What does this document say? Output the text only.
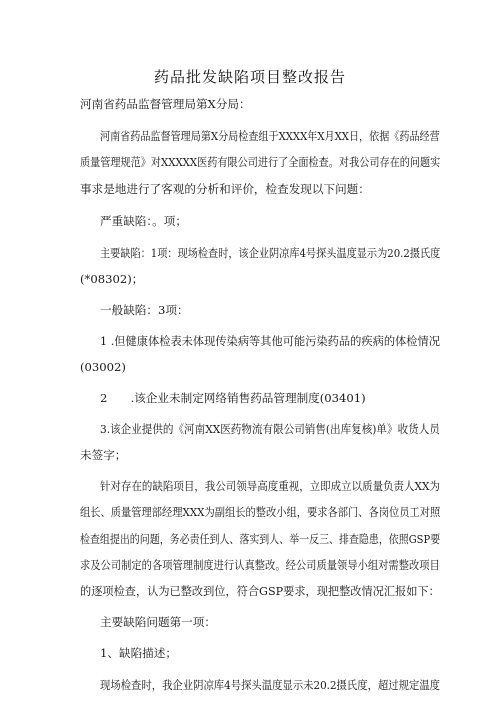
药品批发缺陷项目整改报告
河南省药品监督管理局第X分局：
河南省药品监督管理局第X分局检查组于XXXX年X月XX日，依据《药品经营
质量管理规范》对XXXXX医药有限公司进行了全面检查。对我公司存在的问题实
事求是地进行了客观的分析和评价，检查发现以下问题：
严重缺陷：。项；
主要缺陷：1项：现场检查时，该企业阴凉库4号探头温度显示为20.2摄氏度
(*08302)；
一般缺陷：3项：
1 .但健康体检表未体现传染病等其他可能污染药品的疾病的体检情况
(03002)
2　　.该企业未制定网络销售药品管理制度(03401)
3.该企业提供的《河南XX医药物流有限公司销售(出库复核)单》收货人员
未签字；
针对存在的缺陷项目，我公司领导高度重视，立即成立以质量负责人XX为
组长、质量管理部经理XXX为副组长的整改小组，要求各部门、各岗位员工对照
检查组提出的问题，务必责任到人、落实到人、举一反三、排查隐患，依照GSP要
求及公司制定的各项管理制度进行认真整改。经公司质量领导小组对需整改项目
的逐项检查，认为已整改到位，符合GSP要求，现把整改情况汇报如下：
主要缺陷问题第一项：
1、缺陷描述；
现场检查时，我企业阴凉库4号探头温度显示未20.2摄氏度，超过规定温度
